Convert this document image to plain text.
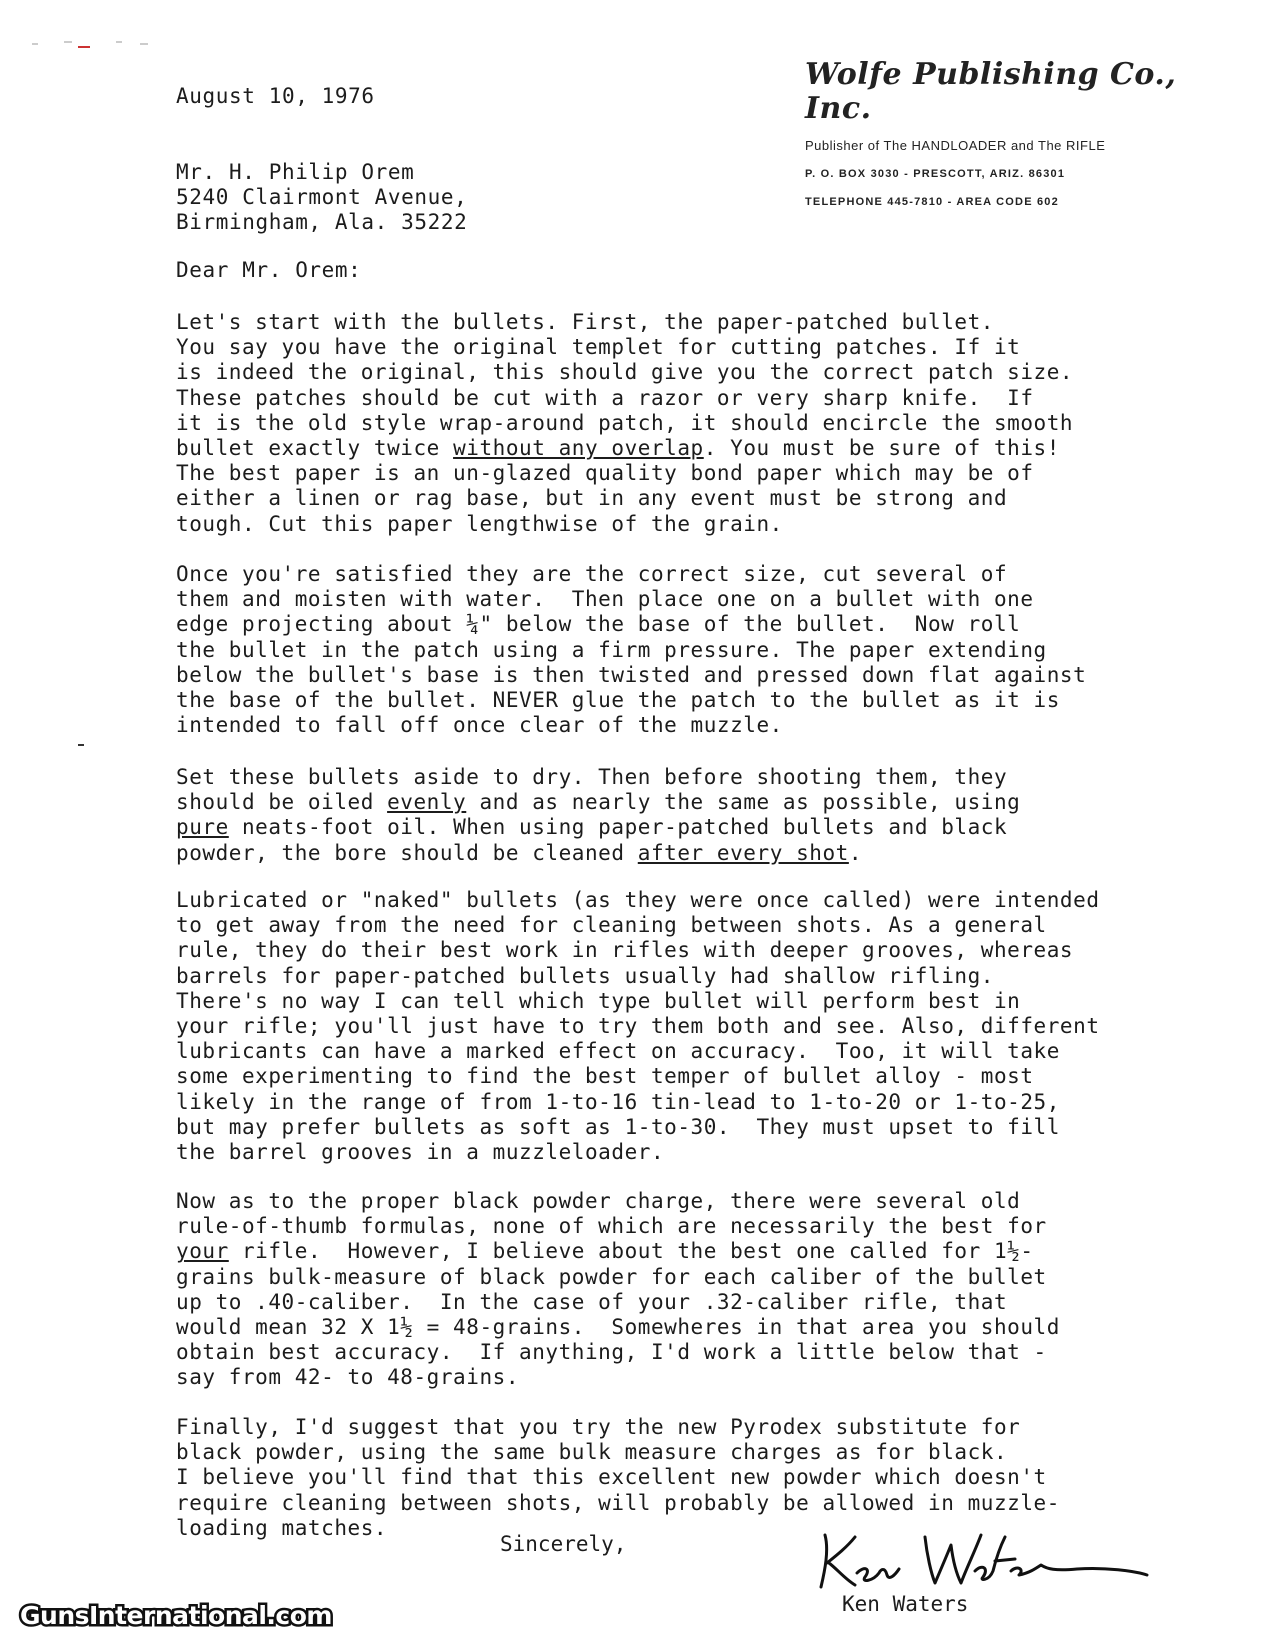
Wolfe Publishing Co., Inc.
Publisher of The HANDLOADER and The RIFLE
P. O. BOX 3030 - PRESCOTT, ARIZ. 86301
TELEPHONE 445-7810 - AREA CODE 602
August 10, 1976
Mr. H. Philip Orem
5240 Clairmont Avenue,
Birmingham, Ala. 35222
Dear Mr. Orem:
Let's start with the bullets. First, the paper-patched bullet.
You say you have the original templet for cutting patches. If it
is indeed the original, this should give you the correct patch size.
These patches should be cut with a razor or very sharp knife.  If
it is the old style wrap-around patch, it should encircle the smooth
bullet exactly twice without any overlap. You must be sure of this!
The best paper is an un-glazed quality bond paper which may be of
either a linen or rag base, but in any event must be strong and
tough. Cut this paper lengthwise of the grain.
Once you're satisfied they are the correct size, cut several of
them and moisten with water.  Then place one on a bullet with one
edge projecting about ¼" below the base of the bullet.  Now roll
the bullet in the patch using a firm pressure. The paper extending
below the bullet's base is then twisted and pressed down flat against
the base of the bullet. NEVER glue the patch to the bullet as it is
intended to fall off once clear of the muzzle.
Set these bullets aside to dry. Then before shooting them, they
should be oiled evenly and as nearly the same as possible, using
pure neats-foot oil. When using paper-patched bullets and black
powder, the bore should be cleaned after every shot.
Lubricated or "naked" bullets (as they were once called) were intended
to get away from the need for cleaning between shots. As a general
rule, they do their best work in rifles with deeper grooves, whereas
barrels for paper-patched bullets usually had shallow rifling.
There's no way I can tell which type bullet will perform best in
your rifle; you'll just have to try them both and see. Also, different
lubricants can have a marked effect on accuracy.  Too, it will take
some experimenting to find the best temper of bullet alloy - most
likely in the range of from 1-to-16 tin-lead to 1-to-20 or 1-to-25,
but may prefer bullets as soft as 1-to-30.  They must upset to fill
the barrel grooves in a muzzleloader.
Now as to the proper black powder charge, there were several old
rule-of-thumb formulas, none of which are necessarily the best for
your rifle.  However, I believe about the best one called for 1½-
grains bulk-measure of black powder for each caliber of the bullet
up to .40-caliber.  In the case of your .32-caliber rifle, that
would mean 32 X 1½ = 48-grains.  Somewheres in that area you should
obtain best accuracy.  If anything, I'd work a little below that -
say from 42- to 48-grains.
Finally, I'd suggest that you try the new Pyrodex substitute for
black powder, using the same bulk measure charges as for black.
I believe you'll find that this excellent new powder which doesn't
require cleaning between shots, will probably be allowed in muzzle-
loading matches.
Sincerely,
Ken Waters
GunsInternational.com
